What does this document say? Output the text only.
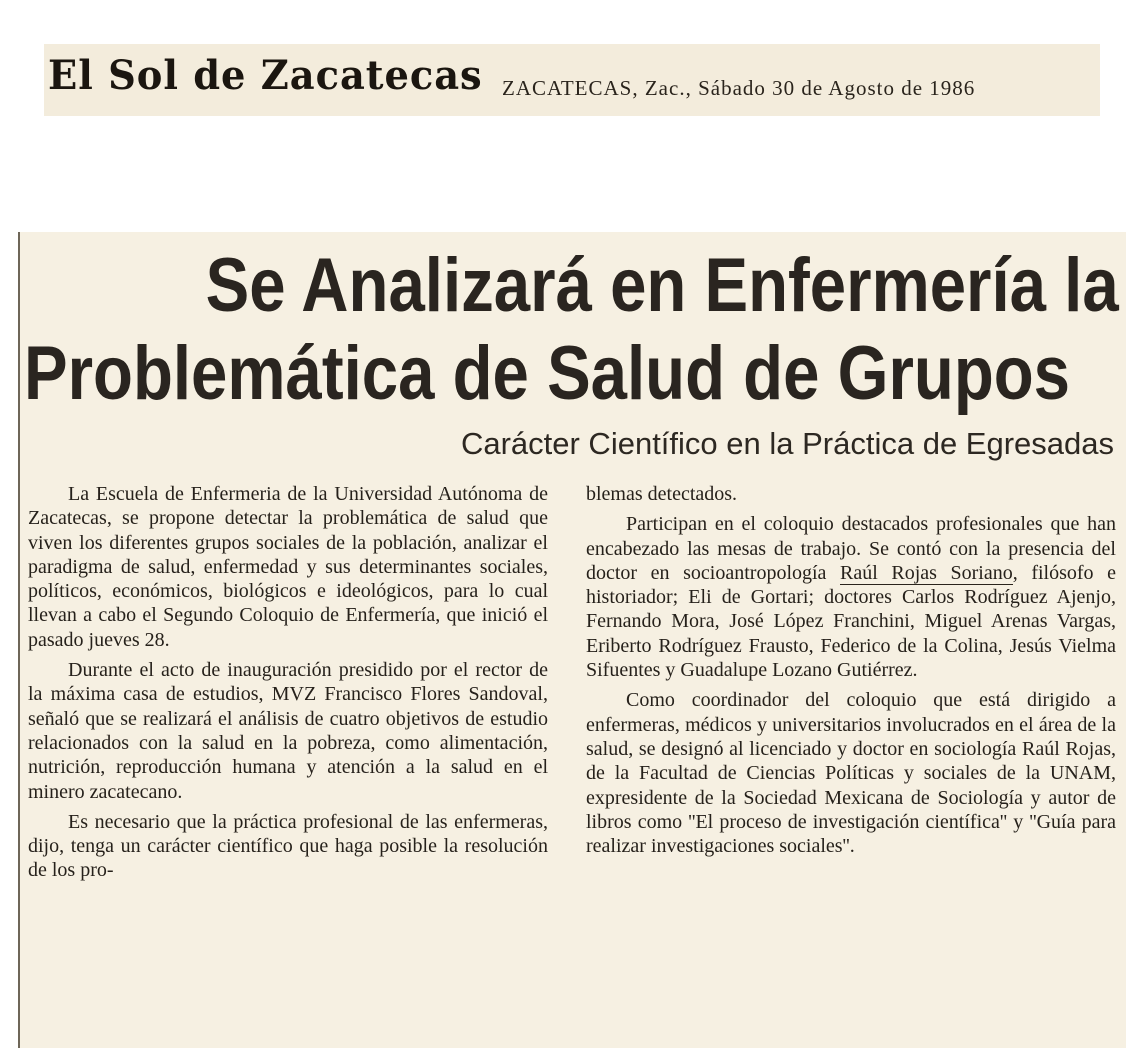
El Sol de Zacatecas ZACATECAS, Zac., Sábado 30 de Agosto de 1986
Se Analizará en Enfermería la
Problemática de Salud de Grupos
Carácter Científico en la Práctica de Egresadas

La Escuela de Enfermeria de la Universidad Autónoma de Zacatecas, se propone detectar la problemática de salud que viven los diferentes grupos sociales de la población, analizar el paradigma de salud, enfermedad y sus determinantes sociales, políticos, económicos, biológicos e ideológicos, para lo cual llevan a cabo el Segundo Coloquio de Enfermería, que inició el pasado jueves 28.

Durante el acto de inauguración presidido por el rector de la máxima casa de estudios, MVZ Francisco Flores Sandoval, señaló que se realizará el análisis de cuatro objetivos de estudio relacionados con la salud en la pobreza, como alimentación, nutrición, reproducción humana y atención a la salud en el minero zacatecano.

Es necesario que la práctica profesional de las enfermeras, dijo, tenga un carácter científico que haga posible la resolución de los pro-

blemas detectados.

Participan en el coloquio destacados profesionales que han encabezado las mesas de trabajo. Se contó con la presencia del doctor en socioantropología Raúl Rojas Soriano, filósofo e historiador; Eli de Gortari; doctores Carlos Rodríguez Ajenjo, Fernando Mora, José López Franchini, Miguel Arenas Vargas, Eriberto Rodríguez Frausto, Federico de la Colina, Jesús Vielma Sifuentes y Guadalupe Lozano Gutiérrez.

Como coordinador del coloquio que está dirigido a enfermeras, médicos y universitarios involucrados en el área de la salud, se designó al licenciado y doctor en sociología Raúl Rojas, de la Facultad de Ciencias Políticas y sociales de la UNAM, expresidente de la Sociedad Mexicana de Sociología y autor de libros como ''El proceso de investigación científica'' y ''Guía para realizar investigaciones sociales''.
